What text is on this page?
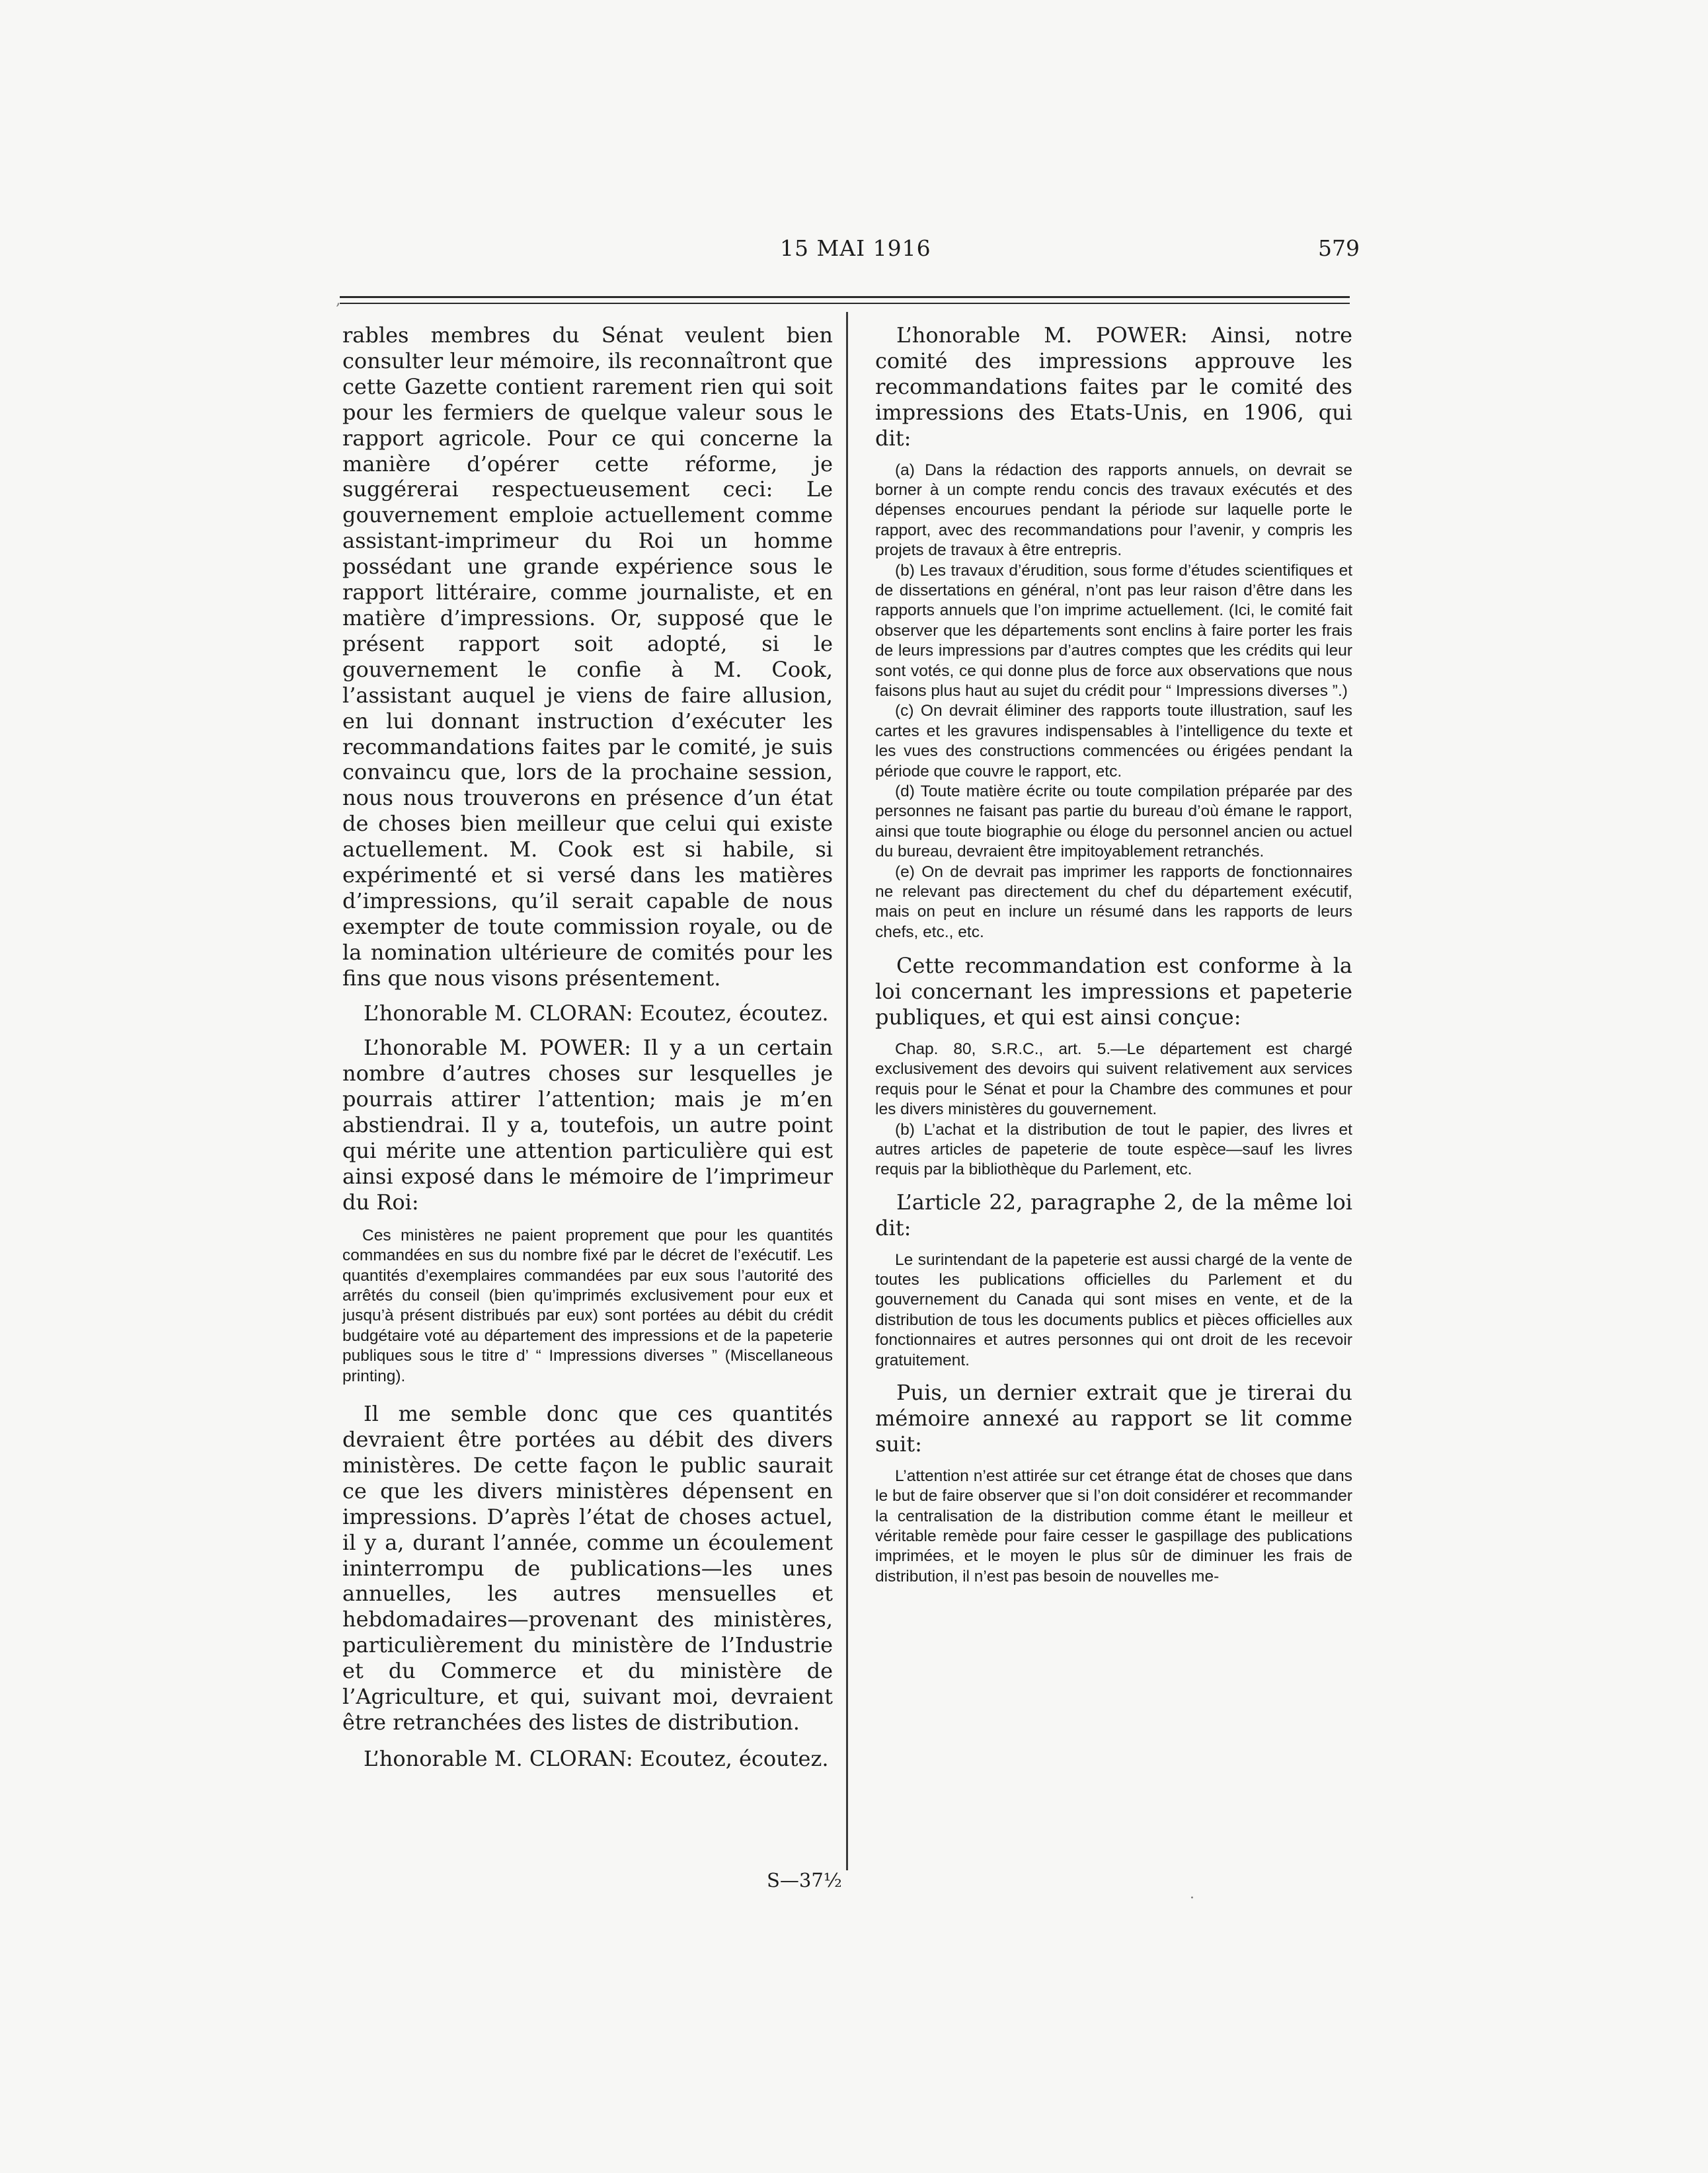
15 MAI 1916	579

rables membres du Sénat veulent bien consulter leur mémoire, ils reconnaîtront que cette Gazette contient rarement rien qui soit pour les fermiers de quelque valeur sous le rapport agricole. Pour ce qui concerne la manière d’opérer cette réforme, je suggérerai respectueusement ceci: Le gouvernement emploie actuellement comme assistant-imprimeur du Roi un homme possédant une grande expérience sous le rapport littéraire, comme journaliste, et en matière d’impressions. Or, supposé que le présent rapport soit adopté, si le gouvernement le confie à M. Cook, l’assistant auquel je viens de faire allusion, en lui donnant instruction d’exécuter les recommandations faites par le comité, je suis convaincu que, lors de la prochaine session, nous nous trouverons en présence d’un état de choses bien meilleur que celui qui existe actuellement. M. Cook est si habile, si expérimenté et si versé dans les matières d’impressions, qu’il serait capable de nous exempter de toute commission royale, ou de la nomination ultérieure de comités pour les fins que nous visons présentement.

L’honorable M. CLORAN: Ecoutez, écoutez.

L’honorable M. POWER: Il y a un certain nombre d’autres choses sur lesquelles je pourrais attirer l’attention; mais je m’en abstiendrai. Il y a, toutefois, un autre point qui mérite une attention particulière qui est ainsi exposé dans le mémoire de l’imprimeur du Roi:

Ces ministères ne paient proprement que pour les quantités commandées en sus du nombre fixé par le décret de l’exécutif. Les quantités d’exemplaires commandées par eux sous l’autorité des arrêtés du conseil (bien qu’imprimés exclusivement pour eux et jusqu’à présent distribués par eux) sont portées au débit du crédit budgétaire voté au département des impressions et de la papeterie publiques sous le titre d’ “ Impressions diverses ” (Miscellaneous printing).

Il me semble donc que ces quantités devraient être portées au débit des divers ministères. De cette façon le public saurait ce que les divers ministères dépensent en impressions. D’après l’état de choses actuel, il y a, durant l’année, comme un écoulement ininterrompu de publications—les unes annuelles, les autres mensuelles et hebdomadaires—provenant des ministères, particulièrement du ministère de l’Industrie et du Commerce et du ministère de l’Agriculture, et qui, suivant moi, devraient être retranchées des listes de distribution.

L’honorable M. CLORAN: Ecoutez, écoutez.

L’honorable M. POWER: Ainsi, notre comité des impressions approuve les recommandations faites par le comité des impressions des Etats-Unis, en 1906, qui dit:

(a) Dans la rédaction des rapports annuels, on devrait se borner à un compte rendu concis des travaux exécutés et des dépenses encourues pendant la période sur laquelle porte le rapport, avec des recommandations pour l’avenir, y compris les projets de travaux à être entrepris.

(b) Les travaux d’érudition, sous forme d’études scientifiques et de dissertations en général, n’ont pas leur raison d’être dans les rapports annuels que l’on imprime actuellement. (Ici, le comité fait observer que les départements sont enclins à faire porter les frais de leurs impressions par d’autres comptes que les crédits qui leur sont votés, ce qui donne plus de force aux observations que nous faisons plus haut au sujet du crédit pour “ Impressions diverses ”.)

(c) On devrait éliminer des rapports toute illustration, sauf les cartes et les gravures indispensables à l’intelligence du texte et les vues des constructions commencées ou érigées pendant la période que couvre le rapport, etc.

(d) Toute matière écrite ou toute compilation préparée par des personnes ne faisant pas partie du bureau d’où émane le rapport, ainsi que toute biographie ou éloge du personnel ancien ou actuel du bureau, devraient être impitoyablement retranchés.

(e) On de devrait pas imprimer les rapports de fonctionnaires ne relevant pas directement du chef du département exécutif, mais on peut en inclure un résumé dans les rapports de leurs chefs, etc., etc.

Cette recommandation est conforme à la loi concernant les impressions et papeterie publiques, et qui est ainsi conçue:

Chap. 80, S.R.C., art. 5.—Le département est chargé exclusivement des devoirs qui suivent relativement aux services requis pour le Sénat et pour la Chambre des communes et pour les divers ministères du gouvernement.

(b) L’achat et la distribution de tout le papier, des livres et autres articles de papeterie de toute espèce—sauf les livres requis par la bibliothèque du Parlement, etc.

L’article 22, paragraphe 2, de la même loi dit:

Le surintendant de la papeterie est aussi chargé de la vente de toutes les publications officielles du Parlement et du gouvernement du Canada qui sont mises en vente, et de la distribution de tous les documents publics et pièces officielles aux fonctionnaires et autres personnes qui ont droit de les recevoir gratuitement.

Puis, un dernier extrait que je tirerai du mémoire annexé au rapport se lit comme suit:

L’attention n’est attirée sur cet étrange état de choses que dans le but de faire observer que si l’on doit considérer et recommander la centralisation de la distribution comme étant le meilleur et véritable remède pour faire cesser le gaspillage des publications imprimées, et le moyen le plus sûr de diminuer les frais de distribution, il n’est pas besoin de nouvelles me-

S—37½
‚
·
